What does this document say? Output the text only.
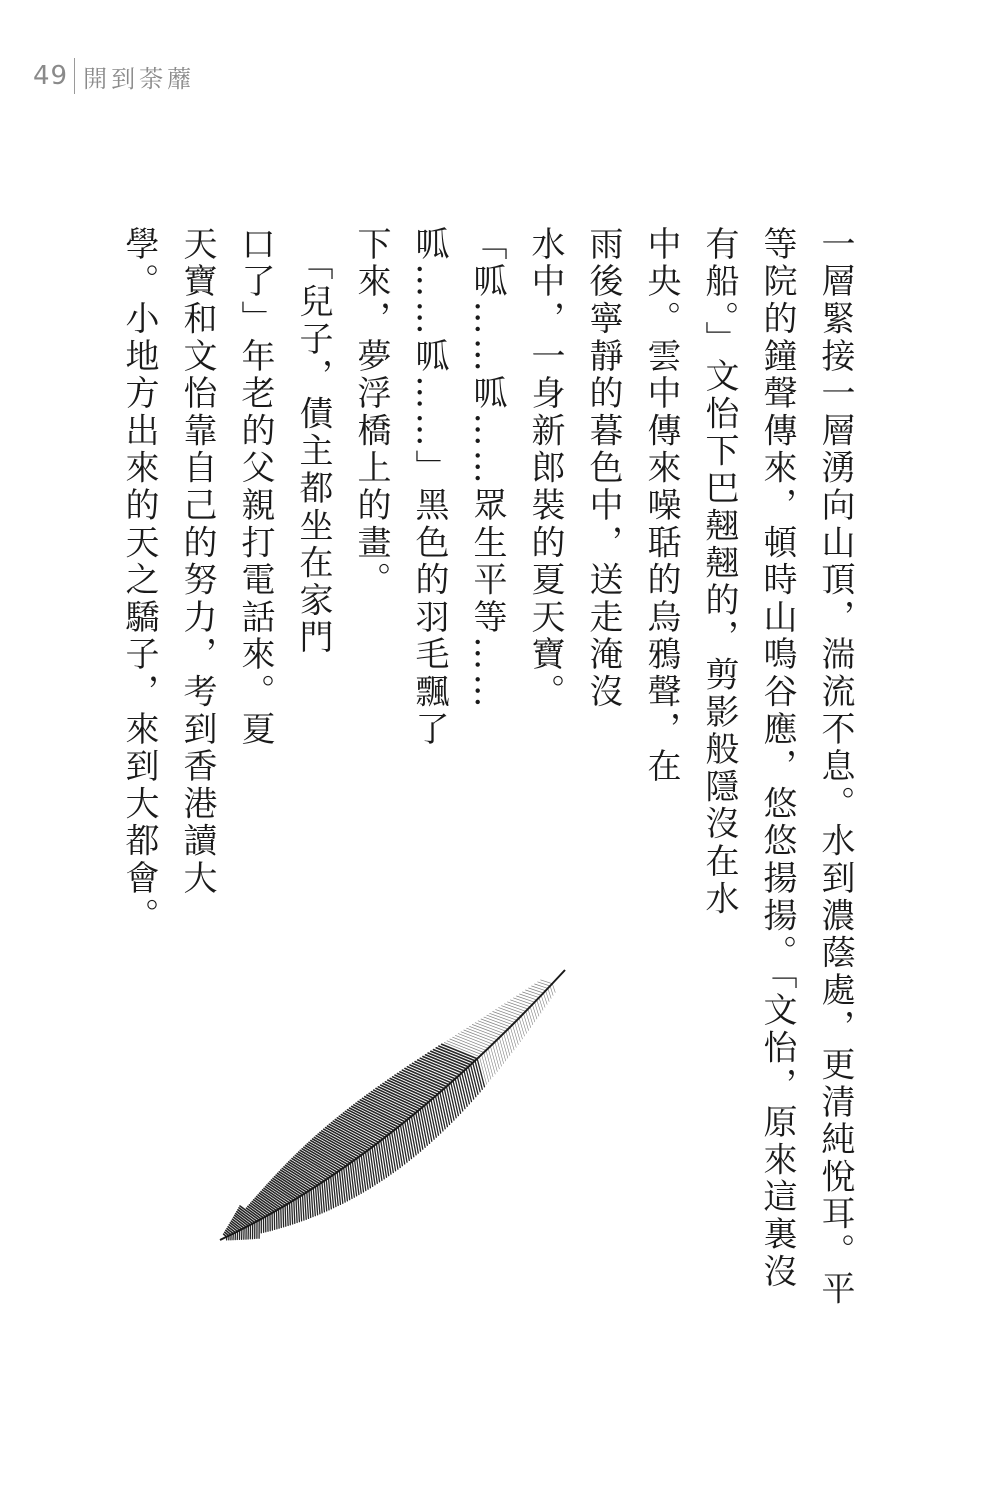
49 開到荼蘼

一層緊接一層湧向山頂，湍流不息。水到濃蔭處，更清純悅耳。平

等院的鐘聲傳來，頓時山鳴谷應，悠悠揚揚。「文怡，原來這裏沒

有船。」文怡下巴翹翹的，剪影般隱沒在水

中央。雲中傳來噪聒的烏鴉聲，在

雨後寧靜的暮色中，送走淹沒

水中，一身新郎裝的夏天寶。

「呱……呱……眾生平等……

呱……呱……」黑色的羽毛飄了

下來，夢浮橋上的畫。

　「兒子，債主都坐在家門

口了」年老的父親打電話來。夏

天寶和文怡靠自己的努力，考到香港讀大

學。小地方出來的天之驕子，來到大都會。
